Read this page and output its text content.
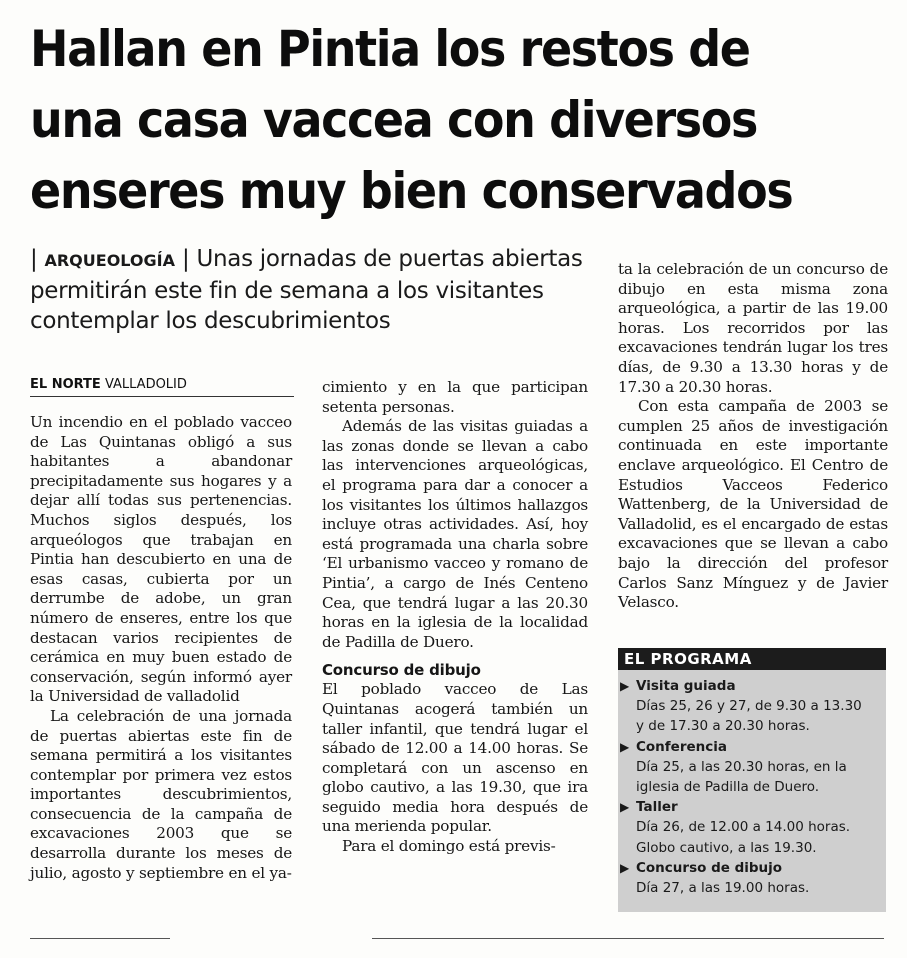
Hallan en Pintia los restos de
una casa vaccea con diversos
enseres muy bien conservados
| ARQUEOLOGÍA | Unas jornadas de puertas abiertas permitirán este fin de semana a los visitantes contemplar los descubrimientos
EL NORTE VALLADOLID

Un incendio en el poblado vacceo de Las Quintanas obligó a sus habitantes a abandonar precipitadamente sus hogares y a dejar allí todas sus pertenencias. Muchos siglos después, los arqueólogos que trabajan en Pintia han descubierto en una de esas casas, cubierta por un derrumbe de adobe, un gran número de enseres, entre los que destacan varios recipientes de cerámica en muy buen estado de conservación, según informó ayer la Universidad de valladolid

La celebración de una jornada de puertas abiertas este fin de semana permitirá a los visitantes contemplar por primera vez estos importantes descubrimientos, consecuencia de la campaña de excavaciones 2003 que se desarrolla durante los meses de julio, agosto y septiembre en el ya-

cimiento y en la que participan setenta personas.

Además de las visitas guiadas a las zonas donde se llevan a cabo las intervenciones arqueológicas, el programa para dar a conocer a los visitantes los últimos hallazgos incluye otras actividades. Así, hoy está programada una charla sobre ‘El urbanismo vacceo y romano de Pintia’, a cargo de Inés Centeno Cea, que tendrá lugar a las 20.30 horas en la iglesia de la localidad de Padilla de Duero.

Concurso de dibujo

El poblado vacceo de Las Quintanas acogerá también un taller infantil, que tendrá lugar el sábado de 12.00 a 14.00 horas. Se completará con un ascenso en globo cautivo, a las 19.30, que ira seguido media hora después de una merienda popular.

Para el domingo está previs-

ta la celebración de un concurso de dibujo en esta misma zona arqueológica, a partir de las 19.00 horas. Los recorridos por las excavaciones tendrán lugar los tres días, de 9.30 a 13.30 horas y de 17.30 a 20.30 horas.

Con esta campaña de 2003 se cumplen 25 años de investigación continuada en este importante enclave arqueológico. El Centro de Estudios Vacceos Federico Wattenberg, de la Universidad de Valladolid, es el encargado de estas excavaciones que se llevan a cabo bajo la dirección del profesor Carlos Sanz Mínguez y de Javier Velasco.

EL PROGRAMA
▶ Visita guiada
Días 25, 26 y 27, de 9.30 a 13.30
y de 17.30 a 20.30 horas.
▶ Conferencia
Día 25, a las 20.30 horas, en la
iglesia de Padilla de Duero.
▶ Taller
Día 26, de 12.00 a 14.00 horas.
Globo cautivo, a las 19.30.
▶ Concurso de dibujo
Día 27, a las 19.00 horas.
